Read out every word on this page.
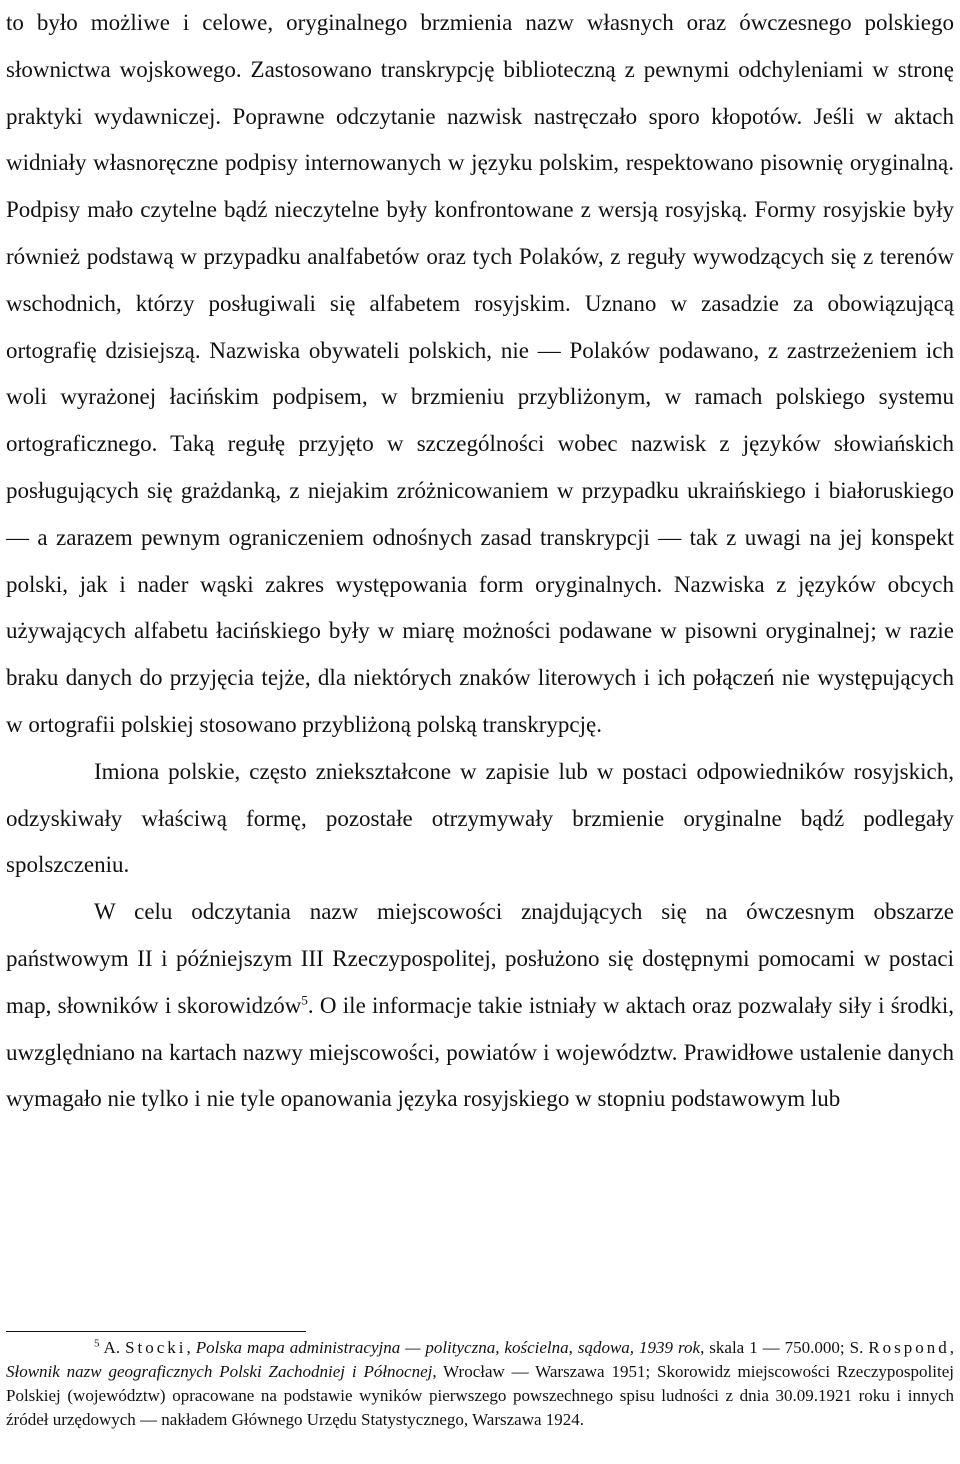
to było możliwe i celowe, oryginalnego brzmienia nazw własnych oraz ówczesnego polskiego słownictwa wojskowego. Zastosowano transkrypcję biblioteczną z pewnymi odchyleniami w stronę praktyki wydawniczej. Poprawne odczytanie nazwisk nastręczało sporo kłopotów. Jeśli w aktach widniały własnoręczne podpisy internowanych w języku polskim, respektowano pisownię oryginalną. Podpisy mało czytelne bądź nieczytelne były konfrontowane z wersją rosyjską. Formy rosyjskie były również podstawą w przypadku analfabetów oraz tych Polaków, z reguły wywodzących się z terenów wschodnich, którzy posługiwali się alfabetem rosyjskim. Uznano w zasadzie za obowiązującą ortografię dzisiejszą. Nazwiska obywateli polskich, nie — Polaków podawano, z zastrzeżeniem ich woli wyrażonej łacińskim podpisem, w brzmieniu przybliżonym, w ramach polskiego systemu ortograficznego. Taką regułę przyjęto w szczególności wobec nazwisk z języków słowiańskich posługujących się grażdanką, z niejakim zróżnicowaniem w przypadku ukraińskiego i białoruskiego — a zarazem pewnym ograniczeniem odnośnych zasad transkrypcji — tak z uwagi na jej konspekt polski, jak i nader wąski zakres występowania form oryginalnych. Nazwiska z języków obcych używających alfabetu łacińskiego były w miarę możności podawane w pisowni oryginalnej; w razie braku danych do przyjęcia tejże, dla niektórych znaków literowych i ich połączeń nie występujących w ortografii polskiej stosowano przybliżoną polską transkrypcję.

Imiona polskie, często zniekształcone w zapisie lub w postaci odpowiedników rosyjskich, odzyskiwały właściwą formę, pozostałe otrzymywały brzmienie oryginalne bądź podlegały spolszczeniu.

W celu odczytania nazw miejscowości znajdujących się na ówczesnym obszarze państwowym II i późniejszym III Rzeczypospolitej, posłużono się dostępnymi pomocami w postaci map, słowników i skorowidzów$^5$. O ile informacje takie istniały w aktach oraz pozwalały siły i środki, uwzględniano na kartach nazwy miejscowości, powiatów i województw. Prawidłowe ustalenie danych wymagało nie tylko i nie tyle opanowania języka rosyjskiego w stopniu podstawowym lub

$^5$ A. Stocki, Polska mapa administracyjna — polityczna, kościelna, sądowa, 1939 rok, skala 1 — 750.000; S. Rospond, Słownik nazw geograficznych Polski Zachodniej i Północnej, Wrocław — Warszawa 1951; Skorowidz miejscowości Rzeczypospolitej Polskiej (województw) opracowane na podstawie wyników pierwszego powszechnego spisu ludności z dnia 30.09.1921 roku i innych źródeł urzędowych — nakładem Głównego Urzędu Statystycznego, Warszawa 1924.
